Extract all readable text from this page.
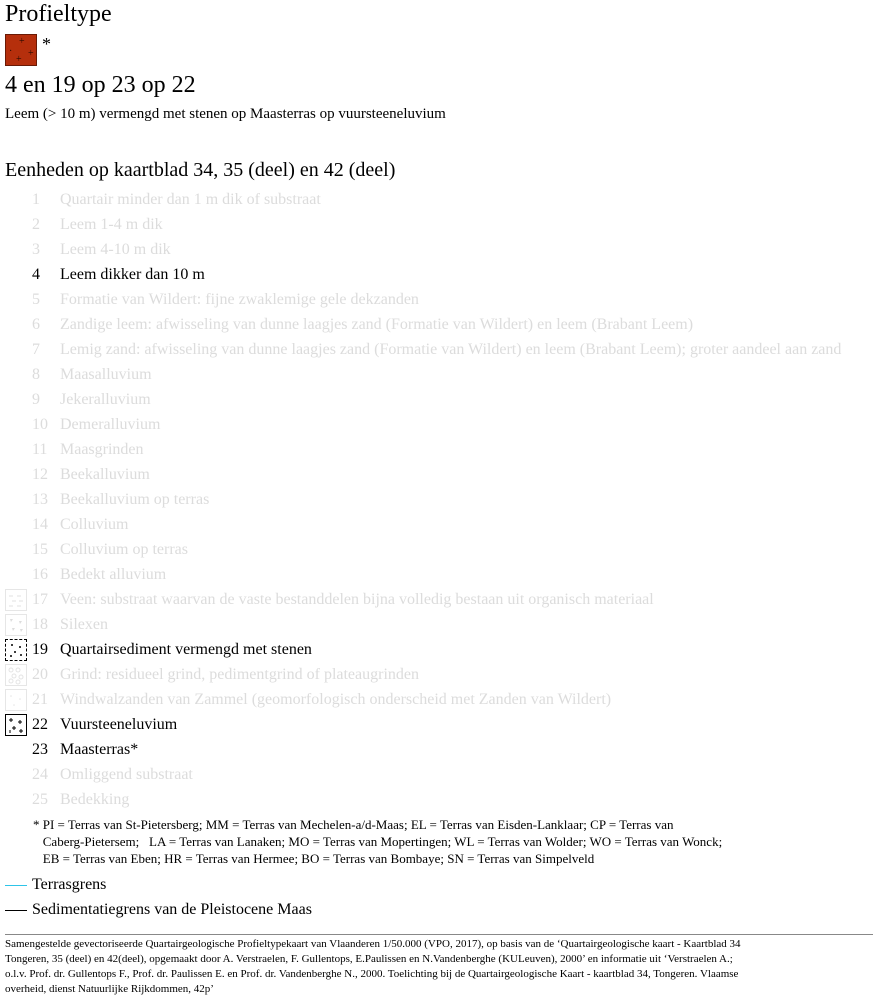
Profieltype
+
· +
+
*
4 en 19 op 23 op 22
Leem (> 10 m) vermengd met stenen op Maasterras op vuursteeneluvium
Eenheden op kaartblad 34, 35 (deel) en 42 (deel)
1	Quartair minder dan 1 m dik of substraat
2	Leem 1-4 m dik
3	Leem 4-10 m dik
4	Leem dikker dan 10 m
5	Formatie van Wildert: fijne zwaklemige gele dekzanden
6	Zandige leem: afwisseling van dunne laagjes zand (Formatie van Wildert) en leem (Brabant Leem)
7	Lemig zand: afwisseling van dunne laagjes zand (Formatie van Wildert) en leem (Brabant Leem); groter aandeel aan zand
8	Maasalluvium
9	Jekeralluvium
10 Demeralluvium
11 Maasgrinden
12 Beekalluvium
13 Beekalluvium op terras
14 Colluvium
15 Colluvium op terras
16 Bedekt alluvium
17 Veen: substraat waarvan de vaste bestanddelen bijna volledig bestaan uit organisch materiaal
18 Silexen
19 Quartairsediment vermengd met stenen
20 Grind: residueel grind, pedimentgrind of plateaugrinden
21 Windwalzanden van Zammel (geomorfologisch onderscheid met Zanden van Wildert)
22 Vuursteeneluvium
23 Maasterras*
24 Omliggend substraat
25 Bedekking
* PI = Terras van St-Pietersberg; MM = Terras van Mechelen-a/d-Maas; EL = Terras van Eisden-Lanklaar; CP = Terras van
Caberg-Pietersem;   LA = Terras van Lanaken; MO = Terras van Mopertingen; WL = Terras van Wolder; WO = Terras van Wonck;
EB = Terras van Eben; HR = Terras van Hermee; BO = Terras van Bombaye; SN = Terras van Simpelveld
Terrasgrens
Sedimentatiegrens van de Pleistocene Maas
Samengestelde gevectoriseerde Quartairgeologische Profieltypekaart van Vlaanderen 1/50.000 (VPO, 2017), op basis van de ‘Quartairgeologische kaart - Kaartblad 34
Tongeren, 35 (deel) en 42(deel), opgemaakt door A. Verstraelen, F. Gullentops, E.Paulissen en N.Vandenberghe (KULeuven), 2000’ en informatie uit ‘Verstraelen A.;
o.l.v. Prof. dr. Gullentops F., Prof. dr. Paulissen E. en Prof. dr. Vandenberghe N., 2000. Toelichting bij de Quartairgeologische Kaart - kaartblad 34, Tongeren. Vlaamse
overheid, dienst Natuurlijke Rijkdommen, 42p’
